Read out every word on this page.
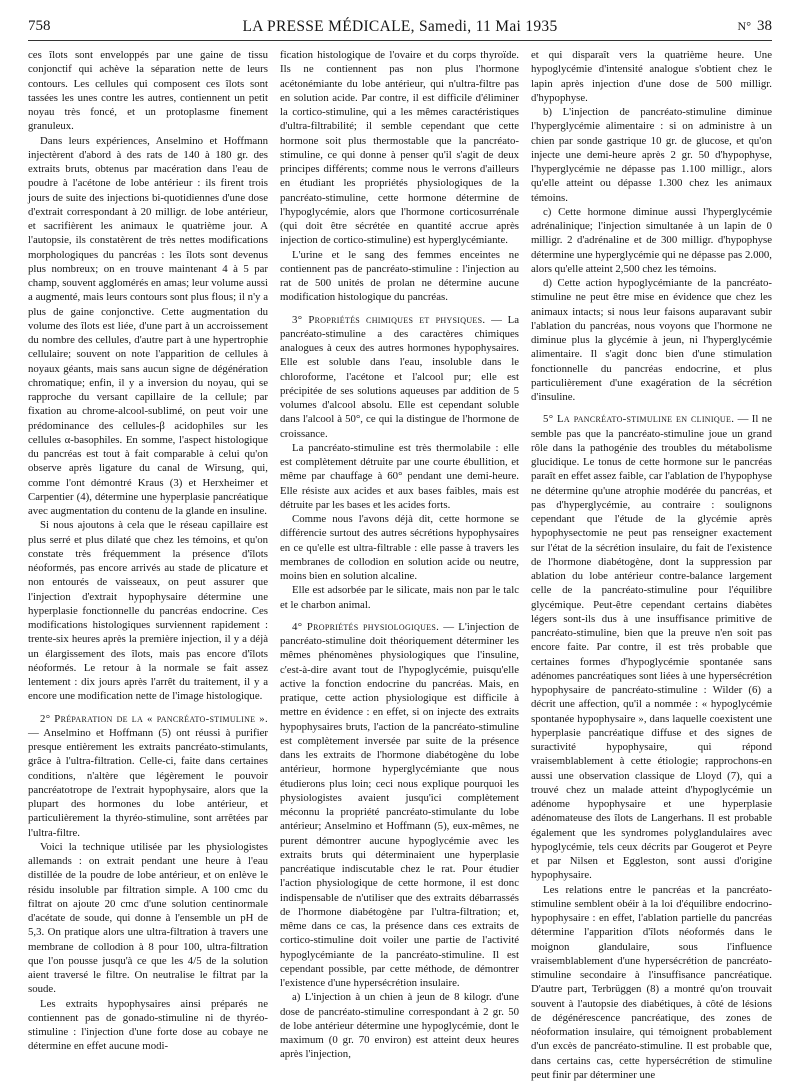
758	LA PRESSE MÉDICALE, Samedi, 11 Mai 1935	N° 38

ces îlots sont enveloppés par une gaine de tissu conjonctif qui achève la séparation nette de leurs contours. Les cellules qui composent ces îlots sont tassées les unes contre les autres, contiennent un petit noyau très foncé, et un protoplasme finement granuleux.

Dans leurs expériences, Anselmino et Hoffmann injectèrent d'abord à des rats de 140 à 180 gr. des extraits bruts, obtenus par macération dans l'eau de poudre à l'acétone de lobe antérieur : ils firent trois jours de suite des injections bi-quotidiennes d'une dose d'extrait correspondant à 20 milligr. de lobe antérieur, et sacrifièrent les animaux le quatrième jour. A l'autopsie, ils constatèrent de très nettes modifications morphologiques du pancréas : les îlots sont devenus plus nombreux; on en trouve maintenant 4 à 5 par champ, souvent agglomérés en amas; leur volume aussi a augmenté, mais leurs contours sont plus flous; il n'y a plus de gaine conjonctive. Cette augmentation du volume des îlots est liée, d'une part à un accroissement du nombre des cellules, d'autre part à une hypertrophie cellulaire; souvent on note l'apparition de cellules à noyaux géants, mais sans aucun signe de dégénération chromatique; enfin, il y a inversion du noyau, qui se rapproche du versant capillaire de la cellule; par fixation au chrome-alcool-sublimé, on peut voir une prédominance des cellules-β acidophiles sur les cellules α-basophiles. En somme, l'aspect histologique du pancréas est tout à fait comparable à celui qu'on observe après ligature du canal de Wirsung, qui, comme l'ont démontré Kraus (3) et Herxheimer et Carpentier (4), détermine une hyperplasie pancréatique avec augmentation du contenu de la glande en insuline.

Si nous ajoutons à cela que le réseau capillaire est plus serré et plus dilaté que chez les témoins, et qu'on constate très fréquemment la présence d'îlots néoformés, pas encore arrivés au stade de plicature et non entourés de vaisseaux, on peut assurer que l'injection d'extrait hypophysaire détermine une hyperplasie fonctionnelle du pancréas endocrine. Ces modifications histologiques surviennent rapidement : trente-six heures après la première injection, il y a déjà un élargissement des îlots, mais pas encore d'îlots néoformés. Le retour à la normale se fait assez lentement : dix jours après l'arrêt du traitement, il y a encore une modification nette de l'image histologique.

2° Préparation de la « pancréato-stimuline ». — Anselmino et Hoffmann (5) ont réussi à purifier presque entièrement les extraits pancréato-stimulants, grâce à l'ultra-filtration. Celle-ci, faite dans certaines conditions, n'altère que légèrement le pouvoir pancréatotrope de l'extrait hypophysaire, alors que la plupart des hormones du lobe antérieur, et particulièrement la thyréo-stimuline, sont arrêtées par l'ultra-filtre.

Voici la technique utilisée par les physiologistes allemands : on extrait pendant une heure à l'eau distillée de la poudre de lobe antérieur, et on enlève le résidu insoluble par filtration simple. A 100 cmc du filtrat on ajoute 20 cmc d'une solution centinormale d'acétate de soude, qui donne à l'ensemble un pH de 5,3. On pratique alors une ultra-filtration à travers une membrane de collodion à 8 pour 100, ultra-filtration que l'on pousse jusqu'à ce que les 4/5 de la solution aient traversé le filtre. On neutralise le filtrat par la soude.

Les extraits hypophysaires ainsi préparés ne contiennent pas de gonado-stimuline ni de thyréo-stimuline : l'injection d'une forte dose au cobaye ne détermine en effet aucune modi-

fication histologique de l'ovaire et du corps thyroïde. Ils ne contiennent pas non plus l'hormone acétonémiante du lobe antérieur, qui n'ultra-filtre pas en solution acide. Par contre, il est difficile d'éliminer la cortico-stimuline, qui a les mêmes caractéristiques d'ultra-filtrabilité; il semble cependant que cette hormone soit plus thermostable que la pancréato-stimuline, ce qui donne à penser qu'il s'agit de deux principes différents; comme nous le verrons d'ailleurs en étudiant les propriétés physiologiques de la pancréato-stimuline, cette hormone détermine de l'hypoglycémie, alors que l'hormone corticosurrénale (qui doit être sécrétée en quantité accrue après injection de cortico-stimuline) est hyperglycémiante.

L'urine et le sang des femmes enceintes ne contiennent pas de pancréato-stimuline : l'injection au rat de 500 unités de prolan ne détermine aucune modification histologique du pancréas.

3° Propriétés chimiques et physiques. — La pancréato-stimuline a des caractères chimiques analogues à ceux des autres hormones hypophysaires. Elle est soluble dans l'eau, insoluble dans le chloroforme, l'acétone et l'alcool pur; elle est précipitée de ses solutions aqueuses par addition de 5 volumes d'alcool absolu. Elle est cependant soluble dans l'alcool à 50°, ce qui la distingue de l'hormone de croissance.

La pancréato-stimuline est très thermolabile : elle est complètement détruite par une courte ébullition, et même par chauffage à 60° pendant une demi-heure. Elle résiste aux acides et aux bases faibles, mais est détruite par les bases et les acides forts.

Comme nous l'avons déjà dit, cette hormone se différencie surtout des autres sécrétions hypophysaires en ce qu'elle est ultra-filtrable : elle passe à travers les membranes de collodion en solution acide ou neutre, moins bien en solution alcaline.

Elle est adsorbée par le silicate, mais non par le talc et le charbon animal.

4° Propriétés physiologiques. — L'injection de pancréato-stimuline doit théoriquement déterminer les mêmes phénomènes physiologiques que l'insuline, c'est-à-dire avant tout de l'hypoglycémie, puisqu'elle active la fonction endocrine du pancréas. Mais, en pratique, cette action physiologique est difficile à mettre en évidence : en effet, si on injecte des extraits hypophysaires bruts, l'action de la pancréato-stimuline est complètement inversée par suite de la présence dans les extraits de l'hormone diabétogène du lobe antérieur, hormone hyperglycémiante que nous étudierons plus loin; ceci nous explique pourquoi les physiologistes avaient jusqu'ici complètement méconnu la propriété pancréato-stimulante du lobe antérieur; Anselmino et Hoffmann (5), eux-mêmes, ne purent démontrer aucune hypoglycémie avec les extraits bruts qui déterminaient une hyperplasie pancréatique indiscutable chez le rat. Pour étudier l'action physiologique de cette hormone, il est donc indispensable de n'utiliser que des extraits débarrassés de l'hormone diabétogène par l'ultra-filtration; et, même dans ce cas, la présence dans ces extraits de cortico-stimuline doit voiler une partie de l'activité hypoglycémiante de la pancréato-stimuline. Il est cependant possible, par cette méthode, de démontrer l'existence d'une hypersécrétion insulaire.

a) L'injection à un chien à jeun de 8 kilogr. d'une dose de pancréato-stimuline correspondant à 2 gr. 50 de lobe antérieur détermine une hypoglycémie, dont le maximum (0 gr. 70 environ) est atteint deux heures après l'injection,

et qui disparaît vers la quatrième heure. Une hypoglycémie d'intensité analogue s'obtient chez le lapin après injection d'une dose de 500 milligr. d'hypophyse.

b) L'injection de pancréato-stimuline diminue l'hyperglycémie alimentaire : si on administre à un chien par sonde gastrique 10 gr. de glucose, et qu'on injecte une demi-heure après 2 gr. 50 d'hypophyse, l'hyperglycémie ne dépasse pas 1.100 milligr., alors qu'elle atteint ou dépasse 1.300 chez les animaux témoins.

c) Cette hormone diminue aussi l'hyperglycémie adrénalinique; l'injection simultanée à un lapin de 0 milligr. 2 d'adrénaline et de 300 milligr. d'hypophyse détermine une hyperglycémie qui ne dépasse pas 2.000, alors qu'elle atteint 2,500 chez les témoins.

d) Cette action hypoglycémiante de la pancréato-stimuline ne peut être mise en évidence que chez les animaux intacts; si nous leur faisons auparavant subir l'ablation du pancréas, nous voyons que l'hormone ne diminue plus la glycémie à jeun, ni l'hyperglycémie alimentaire. Il s'agit donc bien d'une stimulation fonctionnelle du pancréas endocrine, et plus particulièrement d'une exagération de la sécrétion d'insuline.

5° La pancréato-stimuline en clinique. — Il ne semble pas que la pancréato-stimuline joue un grand rôle dans la pathogénie des troubles du métabolisme glucidique. Le tonus de cette hormone sur le pancréas paraît en effet assez faible, car l'ablation de l'hypophyse ne détermine qu'une atrophie modérée du pancréas, et pas d'hyperglycémie, au contraire : soulignons cependant que l'étude de la glycémie après hypophysectomie ne peut pas renseigner exactement sur l'état de la sécrétion insulaire, du fait de l'existence de l'hormone diabétogène, dont la suppression par ablation du lobe antérieur contre-balance largement celle de la pancréato-stimuline pour l'équilibre glycémique. Peut-être cependant certains diabètes légers sont-ils dus à une insuffisance primitive de pancréato-stimuline, bien que la preuve n'en soit pas encore faite. Par contre, il est très probable que certaines formes d'hypoglycémie spontanée sans adénomes pancréatiques sont liées à une hypersécrétion hypophysaire de pancréato-stimuline : Wilder (6) a décrit une affection, qu'il a nommée : « hypoglycémie spontanée hypophysaire », dans laquelle coexistent une hyperplasie pancréatique diffuse et des signes de suractivité hypophysaire, qui répond vraisemblablement à cette étiologie; rapprochons-en aussi une observation classique de Lloyd (7), qui a trouvé chez un malade atteint d'hypoglycémie un adénome hypophysaire et une hyperplasie adénomateuse des îlots de Langerhans. Il est probable également que les syndromes polyglandulaires avec hypoglycémie, tels ceux décrits par Gougerot et Peyre et par Nilsen et Eggleston, sont aussi d'origine hypophysaire.

Les relations entre le pancréas et la pancréato-stimuline semblent obéir à la loi d'équilibre endocrino-hypophysaire : en effet, l'ablation partielle du pancréas détermine l'apparition d'îlots néoformés dans le moignon glandulaire, sous l'influence vraisemblablement d'une hypersécrétion de pancréato-stimuline secondaire à l'insuffisance pancréatique. D'autre part, Terbrüggen (8) a montré qu'on trouvait souvent à l'autopsie des diabétiques, à côté de lésions de dégénérescence pancréatique, des zones de néoformation insulaire, qui témoignent probablement d'un excès de pancréato-stimuline. Il est probable que, dans certains cas, cette hypersécrétion de stimuline peut finir par déterminer une
